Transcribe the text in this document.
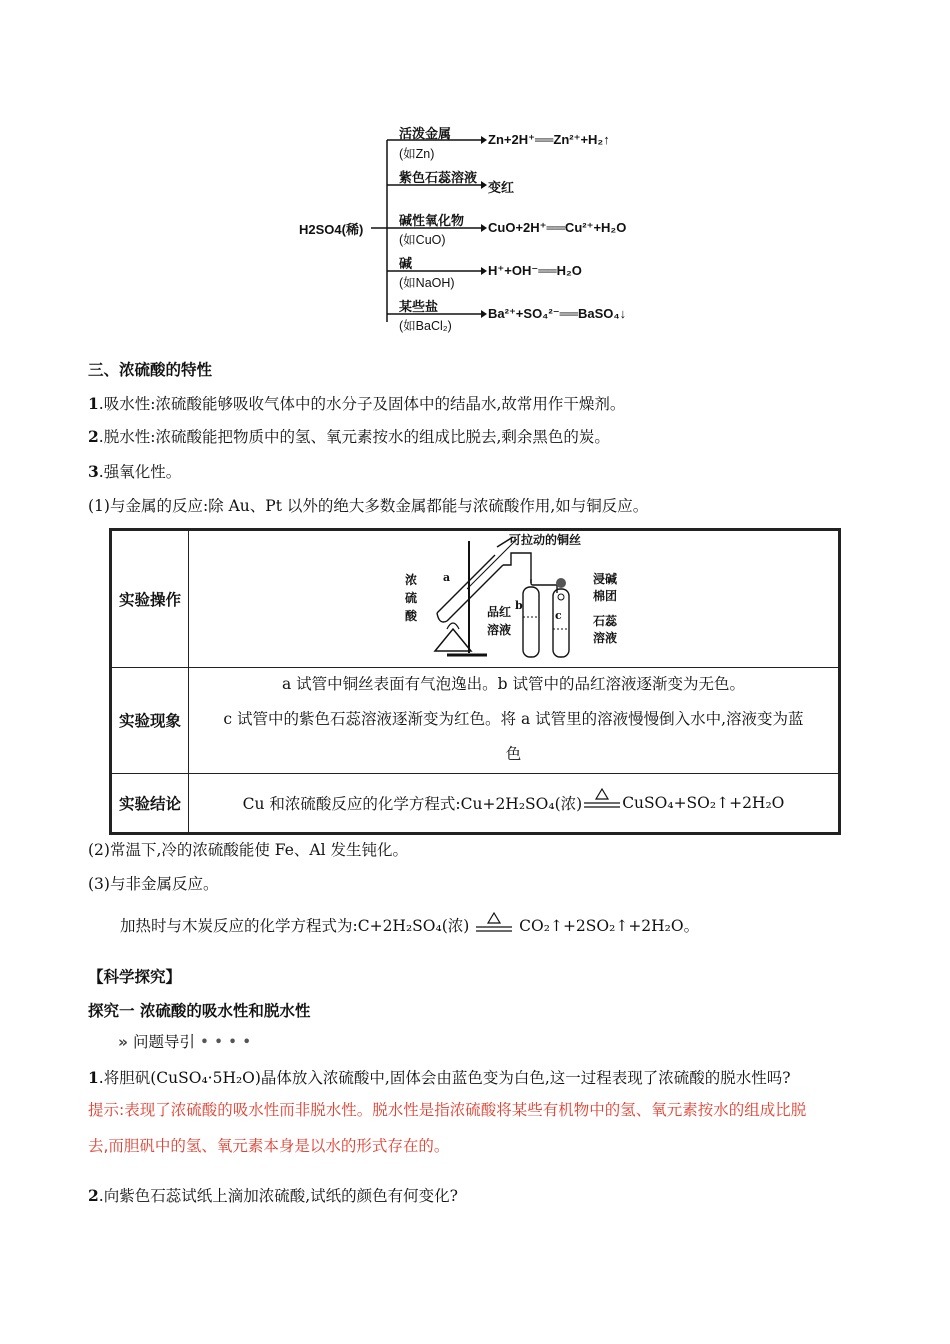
H2SO4(稀)
活泼金属
(如Zn)
Zn+2H⁺══Zn²⁺+H₂↑
紫色石蕊溶液
变红
碱性氧化物
(如CuO)
CuO+2H⁺══Cu²⁺+H₂O
碱
(如NaOH)
H⁺+OH⁻══H₂O
某些盐
(如BaCl₂)
Ba²⁺+SO₄²⁻══BaSO₄↓
三、浓硫酸的特性
1.吸水性:浓硫酸能够吸收气体中的水分子及固体中的结晶水,故常用作干燥剂。
2.脱水性:浓硫酸能把物质中的氢、氧元素按水的组成比脱去,剩余黑色的炭。
3.强氧化性。
(1)与金属的反应:除 Au、Pt 以外的绝大多数金属都能与浓硫酸作用,如与铜反应。
实验操作
实验现象
实验结论
可拉动的铜丝
浓硫酸
a
b
c
品红溶液
浸碱棉团
石蕊溶液
a 试管中铜丝表面有气泡逸出。b 试管中的品红溶液逐渐变为无色。
c 试管中的紫色石蕊溶液逐渐变为红色。将 a 试管里的溶液慢慢倒入水中,溶液变为蓝
色
Cu 和浓硫酸反应的化学方程式:Cu+2H₂SO₄(浓)	CuSO₄+SO₂↑+2H₂O
(2)常温下,冷的浓硫酸能使 Fe、Al 发生钝化。
(3)与非金属反应。
加热时与木炭反应的化学方程式为:C+2H₂SO₄(浓)	CO₂↑+2SO₂↑+2H₂O。
【科学探究】
探究一 浓硫酸的吸水性和脱水性
» 问题导引 • • • •
1.将胆矾(CuSO₄·5H₂O)晶体放入浓硫酸中,固体会由蓝色变为白色,这一过程表现了浓硫酸的脱水性吗?
提示:表现了浓硫酸的吸水性而非脱水性。脱水性是指浓硫酸将某些有机物中的氢、氧元素按水的组成比脱
去,而胆矾中的氢、氧元素本身是以水的形式存在的。
2.向紫色石蕊试纸上滴加浓硫酸,试纸的颜色有何变化?
